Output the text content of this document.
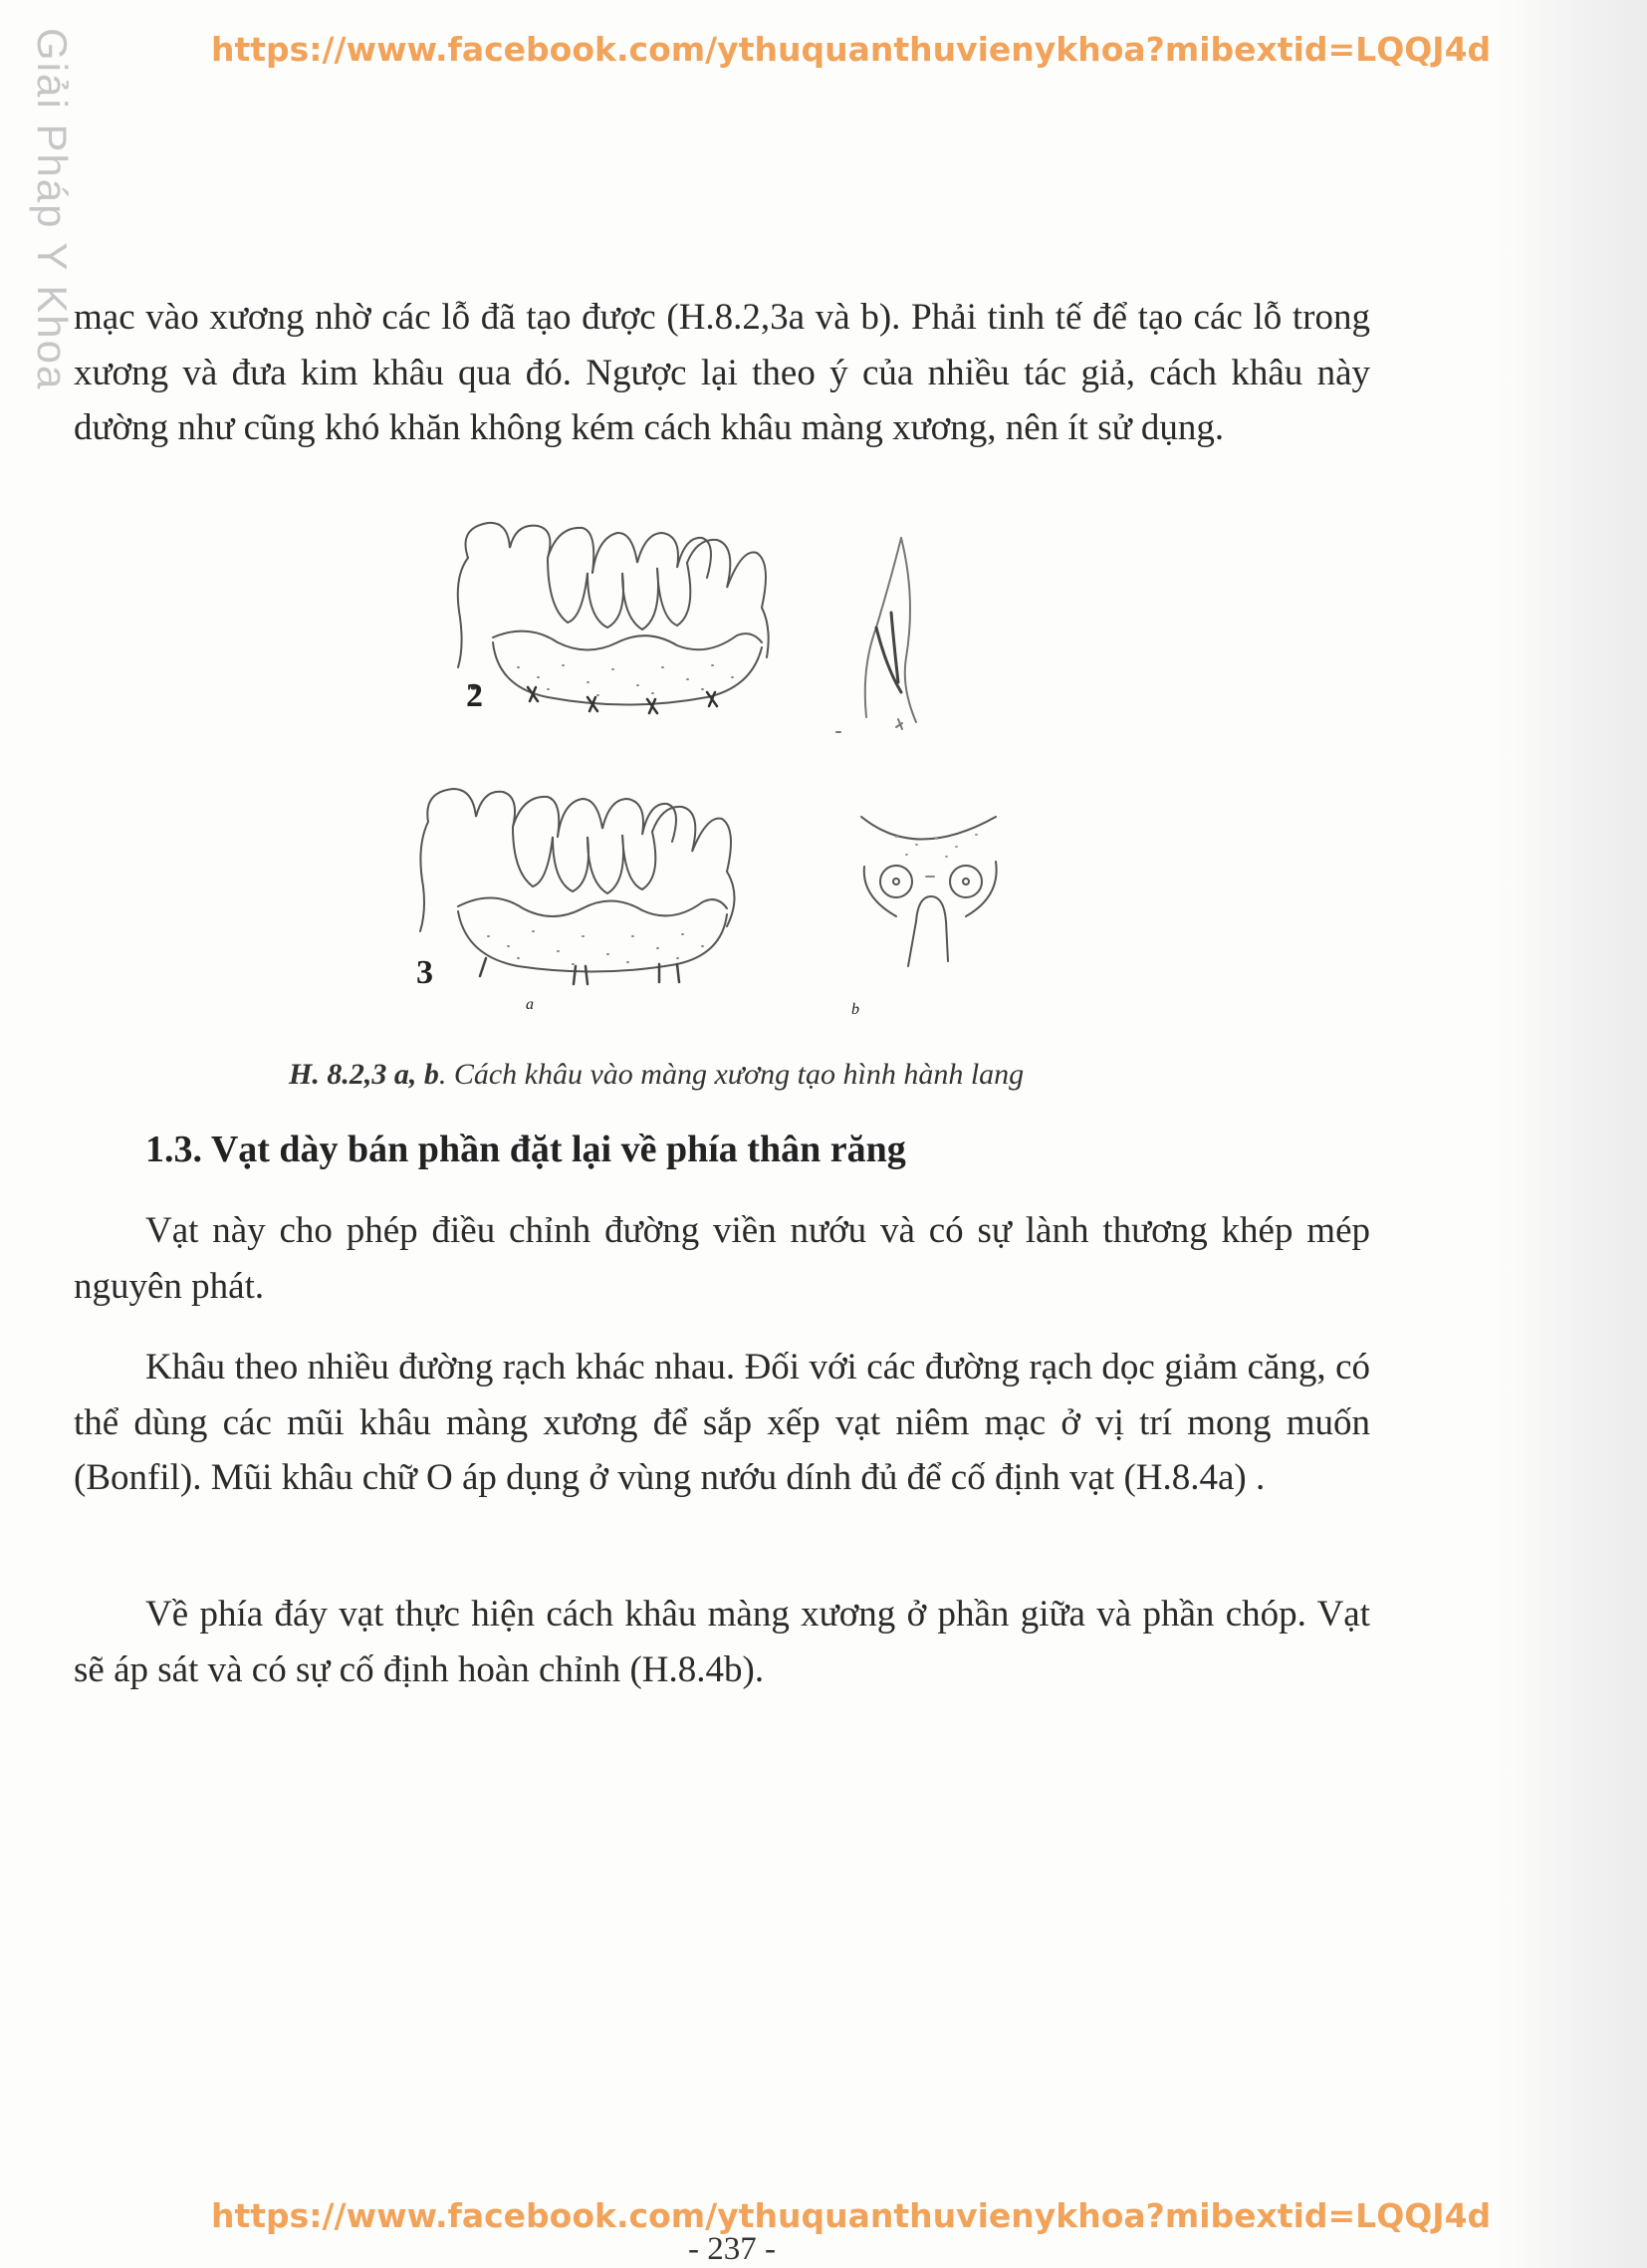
Giải Pháp Y Khoa	https://www.facebook.com/ythuquanthuvienykhoa?mibextid=LQQJ4d
mạc vào xương nhờ các lỗ đã tạo được (H.8.2,3a và b). Phải tinh tế để tạo các lỗ trong xương và đưa kim khâu qua đó. Ngược lại theo ý của nhiều tác giả, cách khâu này dường như cũng khó khăn không kém cách khâu màng xương, nên ít sử dụng.
2
3
a	b
H. 8.2,3 a, b. Cách khâu vào màng xương tạo hình hành lang
1.3. Vạt dày bán phần đặt lại về phía thân răng
Vạt này cho phép điều chỉnh đường viền nướu và có sự lành thương khép mép nguyên phát.
Khâu theo nhiều đường rạch khác nhau. Đối với các đường rạch dọc giảm căng, có thể dùng các mũi khâu màng xương để sắp xếp vạt niêm mạc ở vị trí mong muốn (Bonfil). Mũi khâu chữ O áp dụng ở vùng nướu dính đủ để cố định vạt (H.8.4a) .
Về phía đáy vạt thực hiện cách khâu màng xương ở phần giữa và phần chóp. Vạt sẽ áp sát và có sự cố định hoàn chỉnh (H.8.4b).
https://www.facebook.com/ythuquanthuvienykhoa?mibextid=LQQJ4d
- 237 -
